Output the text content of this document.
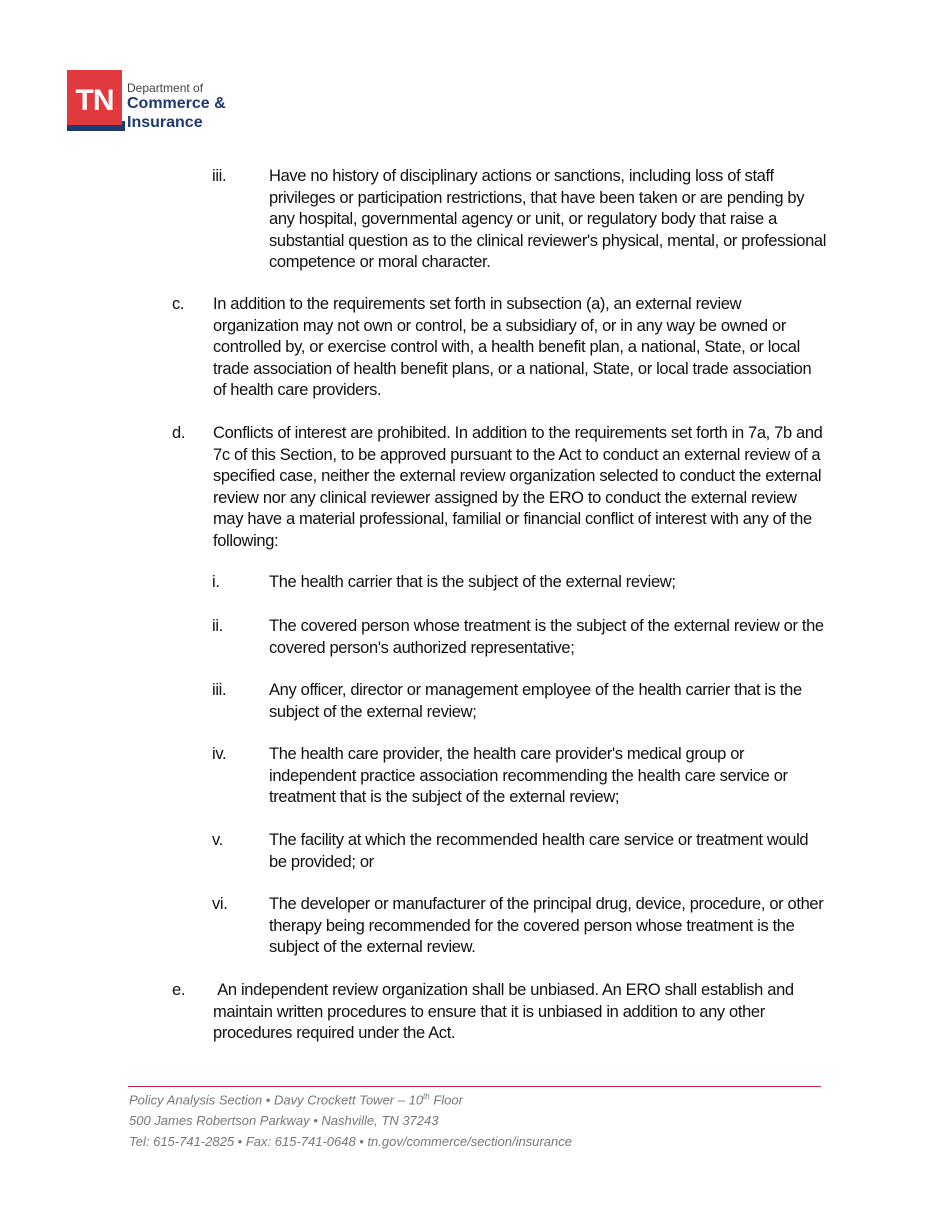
TN	Department of
Commerce &
Insurance
iii.	Have no history of disciplinary actions or sanctions, including loss of staff privileges or participation restrictions, that have been taken or are pending by any hospital, governmental agency or unit, or regulatory body that raise a substantial question as to the clinical reviewer's physical, mental, or professional competence or moral character.
c. In addition to the requirements set forth in subsection (a), an external review organization may not own or control, be a subsidiary of, or in any way be owned or controlled by, or exercise control with, a health benefit plan, a national, State, or local trade association of health benefit plans, or a national, State, or local trade association of health care providers.
d. Conflicts of interest are prohibited. In addition to the requirements set forth in 7a, 7b and 7c of this Section, to be approved pursuant to the Act to conduct an external review of a specified case, neither the external review organization selected to conduct the external review nor any clinical reviewer assigned by the ERO to conduct the external review may have a material professional, familial or financial conflict of interest with any of the following:
i.	The health carrier that is the subject of the external review;
ii.	The covered person whose treatment is the subject of the external review or the covered person's authorized representative;
iii.	Any officer, director or management employee of the health carrier that is the subject of the external review;
iv.	The health care provider, the health care provider's medical group or independent practice association recommending the health care service or treatment that is the subject of the external review;
v.	The facility at which the recommended health care service or treatment would be provided; or
vi.	The developer or manufacturer of the principal drug, device, procedure, or other therapy being recommended for the covered person whose treatment is the subject of the external review.
e. An independent review organization shall be unbiased. An ERO shall establish and maintain written procedures to ensure that it is unbiased in addition to any other procedures required under the Act.
Policy Analysis Section • Davy Crockett Tower – 10th Floor
500 James Robertson Parkway • Nashville, TN 37243
Tel: 615-741-2825 • Fax: 615-741-0648 • tn.gov/commerce/section/insurance
